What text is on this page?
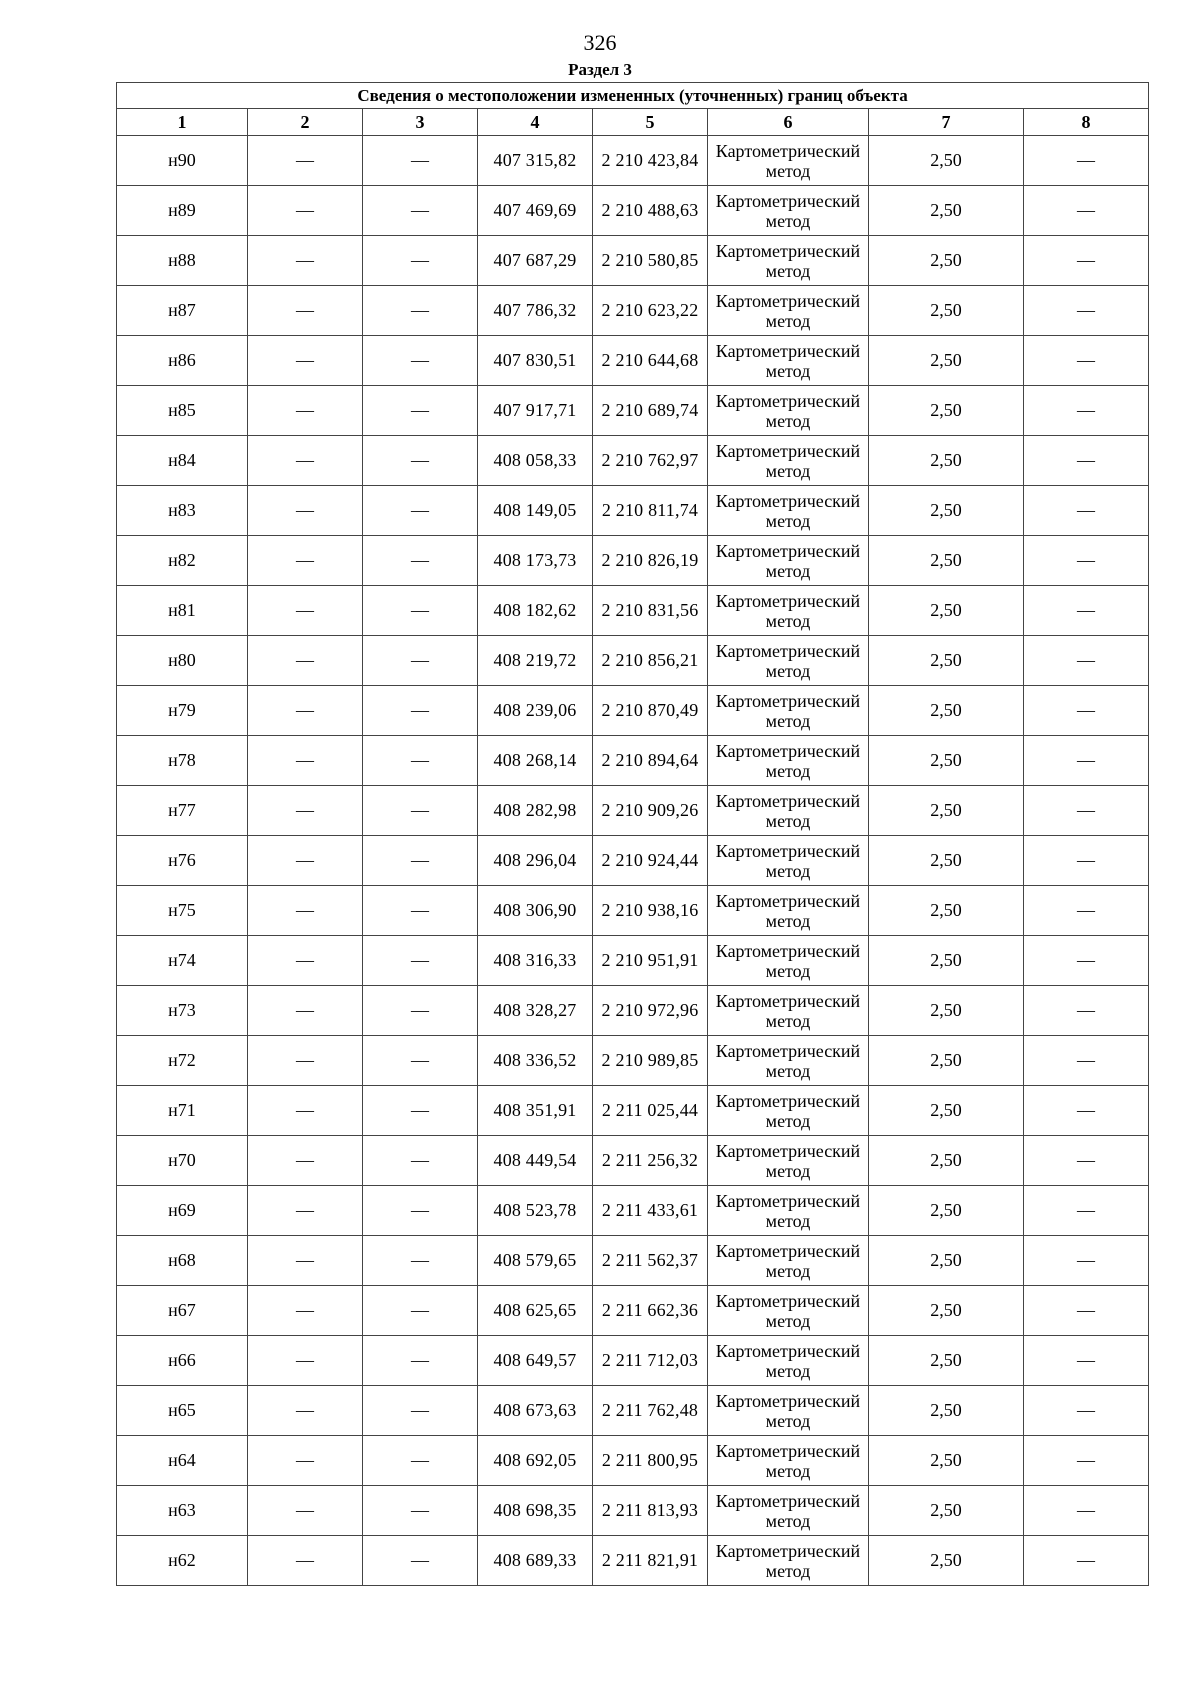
326
Раздел 3
Сведения о местоположении измененных (уточненных) границ объекта							
1	2	3	4	5	6	7	8
н90	—	—	407 315,82	2 210 423,84	Картометрический метод	2,50	—
н89	—	—	407 469,69	2 210 488,63	Картометрический метод	2,50	—
н88	—	—	407 687,29	2 210 580,85	Картометрический метод	2,50	—
н87	—	—	407 786,32	2 210 623,22	Картометрический метод	2,50	—
н86	—	—	407 830,51	2 210 644,68	Картометрический метод	2,50	—
н85	—	—	407 917,71	2 210 689,74	Картометрический метод	2,50	—
н84	—	—	408 058,33	2 210 762,97	Картометрический метод	2,50	—
н83	—	—	408 149,05	2 210 811,74	Картометрический метод	2,50	—
н82	—	—	408 173,73	2 210 826,19	Картометрический метод	2,50	—
н81	—	—	408 182,62	2 210 831,56	Картометрический метод	2,50	—
н80	—	—	408 219,72	2 210 856,21	Картометрический метод	2,50	—
н79	—	—	408 239,06	2 210 870,49	Картометрический метод	2,50	—
н78	—	—	408 268,14	2 210 894,64	Картометрический метод	2,50	—
н77	—	—	408 282,98	2 210 909,26	Картометрический метод	2,50	—
н76	—	—	408 296,04	2 210 924,44	Картометрический метод	2,50	—
н75	—	—	408 306,90	2 210 938,16	Картометрический метод	2,50	—
н74	—	—	408 316,33	2 210 951,91	Картометрический метод	2,50	—
н73	—	—	408 328,27	2 210 972,96	Картометрический метод	2,50	—
н72	—	—	408 336,52	2 210 989,85	Картометрический метод	2,50	—
н71	—	—	408 351,91	2 211 025,44	Картометрический метод	2,50	—
н70	—	—	408 449,54	2 211 256,32	Картометрический метод	2,50	—
н69	—	—	408 523,78	2 211 433,61	Картометрический метод	2,50	—
н68	—	—	408 579,65	2 211 562,37	Картометрический метод	2,50	—
н67	—	—	408 625,65	2 211 662,36	Картометрический метод	2,50	—
н66	—	—	408 649,57	2 211 712,03	Картометрический метод	2,50	—
н65	—	—	408 673,63	2 211 762,48	Картометрический метод	2,50	—
н64	—	—	408 692,05	2 211 800,95	Картометрический метод	2,50	—
н63	—	—	408 698,35	2 211 813,93	Картометрический метод	2,50	—
н62	—	—	408 689,33	2 211 821,91	Картометрический метод	2,50	—
